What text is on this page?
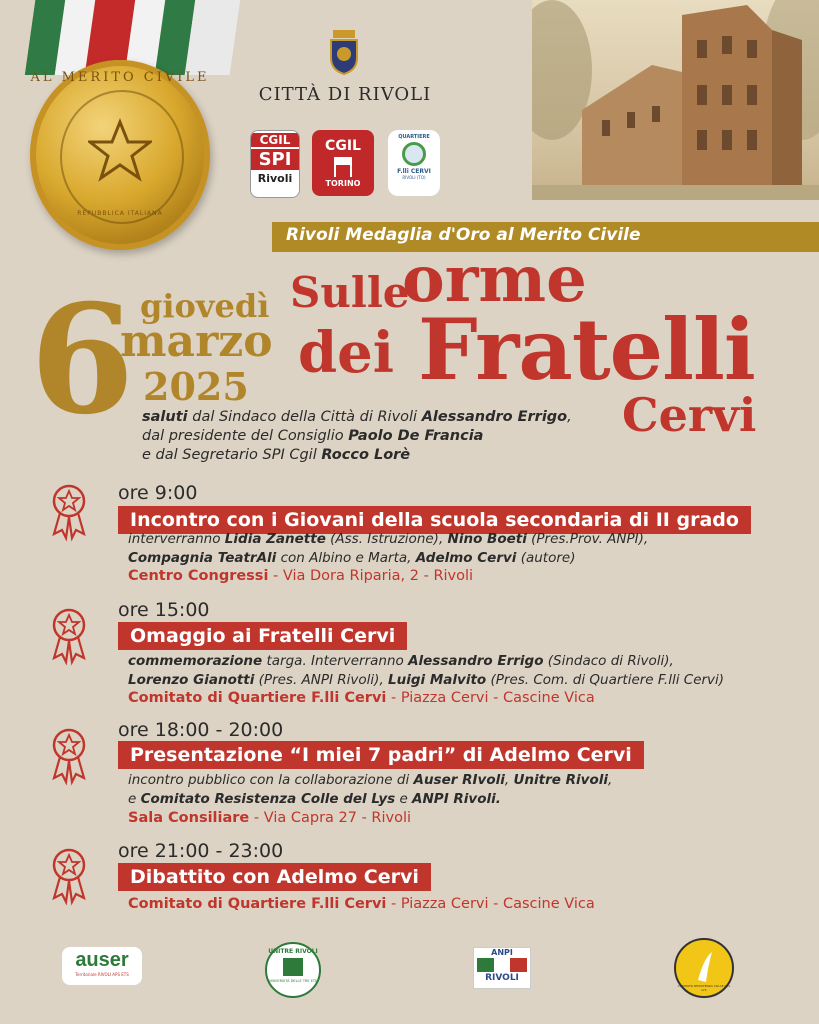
AL MERITO CIVILE
REPUBBLICA ITALIANA
CITTÀ DI RIVOLI
CGIL
SPI
Rivoli
CGIL
TORINO
QUARTIERE
F.lli CERVI
RIVOLI (TO)
Rivoli Medaglia d'Oro al Merito Civile
6 giovedì
marzo
2025
Sulle
orme
dei Fratelli
Cervi
saluti dal Sindaco della Città di Rivoli Alessandro Errigo,
dal presidente del Consiglio Paolo De Francia
e dal Segretario SPI Cgil Rocco Lorè
ore 9:00
Incontro con i Giovani della scuola secondaria di II grado
interverranno Lidia Zanette (Ass. Istruzione), Nino Boeti (Pres.Prov. ANPI),
Compagnia TeatrAli con Albino e Marta, Adelmo Cervi (autore)
Centro Congressi - Via Dora Riparia, 2 - Rivoli
ore 15:00
Omaggio ai Fratelli Cervi
commemorazione targa. Interverranno Alessandro Errigo (Sindaco di Rivoli),
Lorenzo Gianotti (Pres. ANPI Rivoli), Luigi Malvito (Pres. Com. di Quartiere F.lli Cervi)
Comitato di Quartiere F.lli Cervi - Piazza Cervi - Cascine Vica
ore 18:00 - 20:00
Presentazione “I miei 7 padri” di Adelmo Cervi
incontro pubblico con la collaborazione di Auser RIvoli, Unitre Rivoli,
e Comitato Resistenza Colle del Lys e ANPI Rivoli.
Sala Consiliare - Via Capra 27 - Rivoli
ore 21:00 - 23:00
Dibattito con Adelmo Cervi
Comitato di Quartiere F.lli Cervi - Piazza Cervi - Cascine Vica
auser
Territoriale RIVOLI APS ETS
UNITRE RIVOLI
UNIVERSITÀ DELLE TRE ETÀ
ANPI
RIVOLI
COMITATO RESISTENZA COLLE DEL LYS
